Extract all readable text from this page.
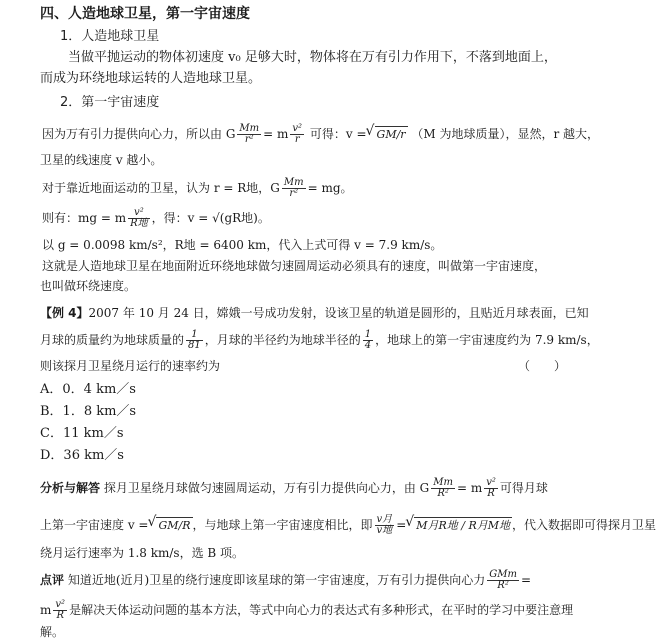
四、人造地球卫星，第一宇宙速度
1．人造地球卫星
当做平抛运动的物体初速度 v₀ 足够大时，物体将在万有引力作用下，不落到地面上，
而成为环绕地球运转的人造地球卫星。
2．第一宇宙速度
因为万有引力提供向心力，所以由 G $\frac{Mm}{\text{r²}} = m \frac{\text{v²}}{r}$ 可得：v = √ GM/r （M 为地球质量），显然，r 越大，
卫星的线速度 v 越小。
对于靠近地面运动的卫星，认为 r = R地，G $\frac{Mm}{\text{r²}}$ = mg。
则有：mg = m $\frac{\text{v²}}{\text{R地}}$ ，得：v = √(gR地)。
以 g = 0.0098 km/s²，R地 = 6400 km，代入上式可得 v = 7.9 km/s。
这就是人造地球卫星在地面附近环绕地球做匀速圆周运动必须具有的速度，叫做第一宇宙速度，
也叫做环绕速度。
【例 4】2007 年 10 月 24 日，嫦娥一号成功发射，设该卫星的轨道是圆形的，且贴近月球表面，已知
月球的质量约为地球质量的 $\frac{1}{81}$ ，月球的半径约为地球半径的 $\frac{1}{4}$ ，地球上的第一宇宙速度约为 7.9 km/s，
则该探月卫星绕月运行的速率约为	（　　）
A．0．4 km／s
B．1．8 km／s
C．11 km／s
D．36 km／s
分析与解答 探月卫星绕月球做匀速圆周运动，万有引力提供向心力，由 G $\frac{Mm}{\text{R²}} = m \frac{\text{v²}}{R}$ 可得月球
上第一宇宙速度 v = √ GM/R ，与地球上第一宇宙速度相比，即 $\frac{\text{v月}}{\text{v地}}$ = √ M月R地 / R月M地 ，代入数据即可得探月卫星
绕月运行速率为 1.8 km/s，选 B 项。
点评 知道近地(近月)卫星的绕行速度即该星球的第一宇宙速度，万有引力提供向心力 $\frac{\text{GMm}}{\text{R²}}$ =
m $\frac{\text{v²}}{R}$ 是解决天体运动问题的基本方法，等式中向心力的表达式有多种形式，在平时的学习中要注意理
解。
